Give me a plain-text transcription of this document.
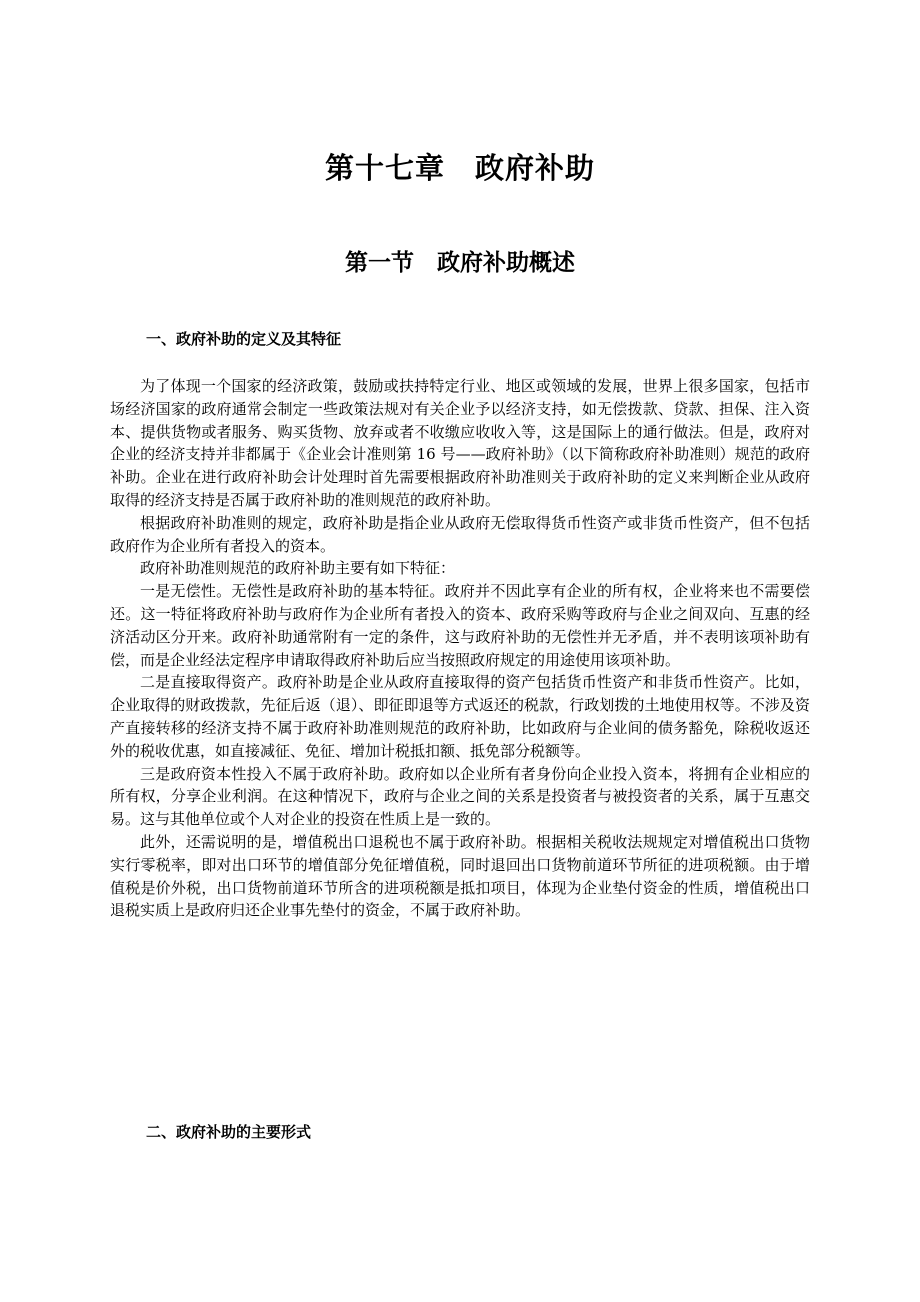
第十七章　政府补助
第一节　政府补助概述
一、政府补助的定义及其特征

为了体现一个国家的经济政策，鼓励或扶持特定行业、地区或领域的发展，世界上很多国家，包括市场经济国家的政府通常会制定一些政策法规对有关企业予以经济支持，如无偿拨款、贷款、担保、注入资本、提供货物或者服务、购买货物、放弃或者不收缴应收收入等，这是国际上的通行做法。但是，政府对企业的经济支持并非都属于《企业会计准则第 16 号——政府补助》（以下简称政府补助准则）规范的政府补助。企业在进行政府补助会计处理时首先需要根据政府补助准则关于政府补助的定义来判断企业从政府取得的经济支持是否属于政府补助的准则规范的政府补助。

根据政府补助准则的规定，政府补助是指企业从政府无偿取得货币性资产或非货币性资产，但不包括政府作为企业所有者投入的资本。

政府补助准则规范的政府补助主要有如下特征：

一是无偿性。无偿性是政府补助的基本特征。政府并不因此享有企业的所有权，企业将来也不需要偿还。这一特征将政府补助与政府作为企业所有者投入的资本、政府采购等政府与企业之间双向、互惠的经济活动区分开来。政府补助通常附有一定的条件，这与政府补助的无偿性并无矛盾，并不表明该项补助有偿，而是企业经法定程序申请取得政府补助后应当按照政府规定的用途使用该项补助。

二是直接取得资产。政府补助是企业从政府直接取得的资产包括货币性资产和非货币性资产。比如，企业取得的财政拨款，先征后返（退）、即征即退等方式返还的税款，行政划拨的土地使用权等。不涉及资产直接转移的经济支持不属于政府补助准则规范的政府补助，比如政府与企业间的债务豁免，除税收返还外的税收优惠，如直接减征、免征、增加计税抵扣额、抵免部分税额等。

三是政府资本性投入不属于政府补助。政府如以企业所有者身份向企业投入资本，将拥有企业相应的所有权，分享企业利润。在这种情况下，政府与企业之间的关系是投资者与被投资者的关系，属于互惠交易。这与其他单位或个人对企业的投资在性质上是一致的。

此外，还需说明的是，增值税出口退税也不属于政府补助。根据相关税收法规规定对增值税出口货物实行零税率，即对出口环节的增值部分免征增值税，同时退回出口货物前道环节所征的进项税额。由于增值税是价外税，出口货物前道环节所含的进项税额是抵扣项目，体现为企业垫付资金的性质，增值税出口退税实质上是政府归还企业事先垫付的资金，不属于政府补助。

二、政府补助的主要形式
